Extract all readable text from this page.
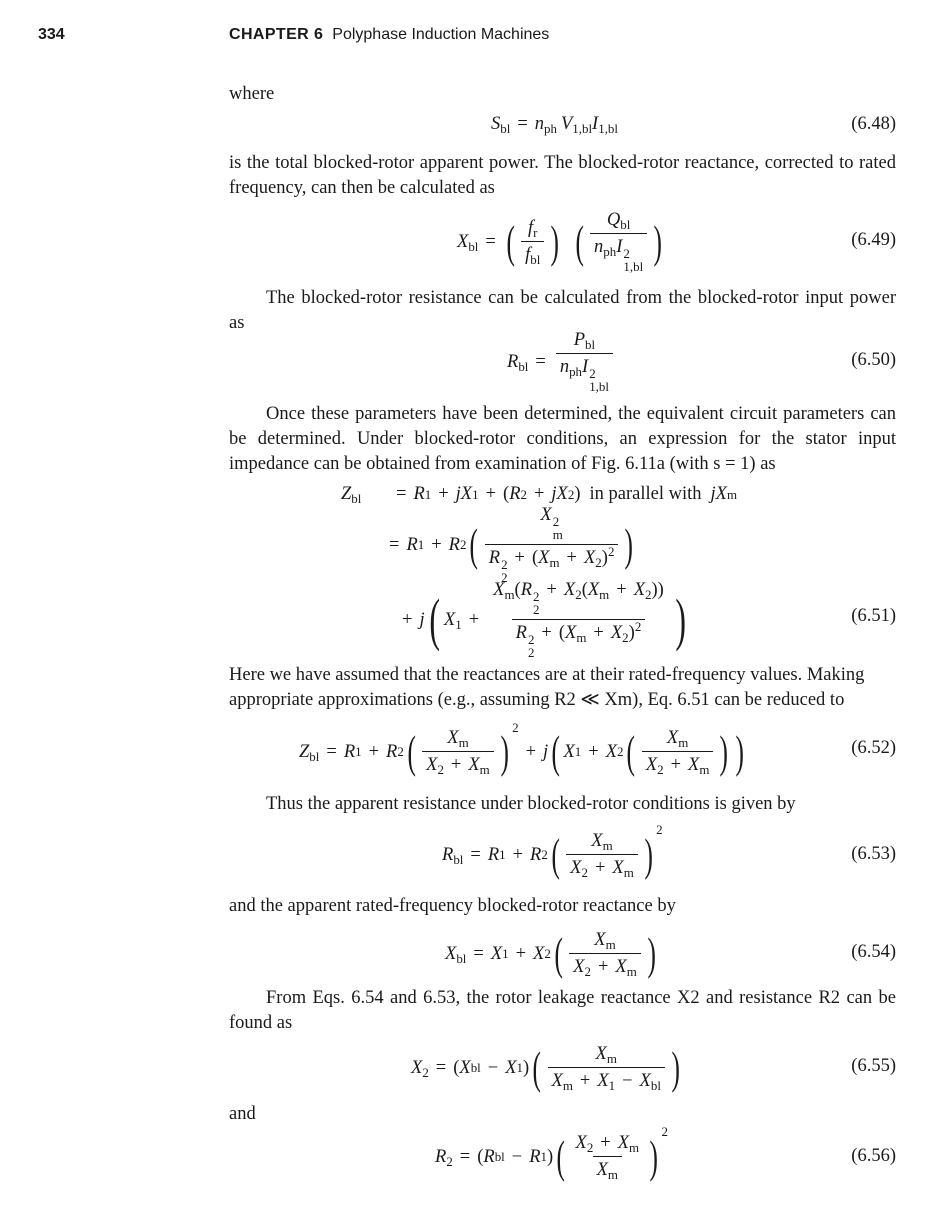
334	CHAPTER 6 Polyphase Induction Machines
where
$S_{bl} = n_{ph}$ $V_{1,bl}I_{1,bl}$	(6.48)
is the total blocked-rotor apparent power. The blocked-rotor reactance, corrected to rated frequency, can then be calculated as
$X_{bl}$ = ( $\frac{f_r}{f_{bl}}$ ) ( $Q_{bl}$
$n_{ph}I$ 2
1,bl )	(6.49)
The blocked-rotor resistance can be calculated from the blocked-rotor input power as
$R_{bl} = P_{bl}$
$n_{ph}I$ 2
1,bl	(6.50)
Once these parameters have been determined, the equivalent circuit parameters can be determined. Under blocked-rotor conditions, an expression for the stator input impedance can be obtained from examination of Fig. 6.11a (with s = 1) as
$Z_{bl}$	= R 1 + j X 1 + ( R 2 + j X 2 ) in parallel with j X m
= R 1 + R 2 ( X 2
m
R 2
2
+ $(X_m + X_2)^2$ )
+ j ( $X_1 + X_m(R$ 2
2
+ $X_2(X_m + X_2)$)
R 2
2
+ $(X_m + X_2)^2$ )	(6.51)
Here we have assumed that the reactances are at their rated-frequency values. Making
appropriate approximations (e.g., assuming R2 ≪ Xm), Eq. 6.51 can be reduced to
$Z_{bl} = R$ 1 + R 2 ( $\frac{X_m}{X_2 + X_m}$ ) 2
+ j ( X 1 + X 2 ( $\frac{X_m}{X_2 + X_m}$ ) )	(6.52)
Thus the apparent resistance under blocked-rotor conditions is given by
$R_{bl} = R$ 1 + R 2 ( $\frac{X_m}{X_2 + X_m}$ ) 2
(6.53)
and the apparent rated-frequency blocked-rotor reactance by
$X_{bl} = X$ 1 + X 2 ( $\frac{X_m}{X_2 + X_m}$ )	(6.54)
From Eqs. 6.54 and 6.53, the rotor leakage reactance X2 and resistance R2 can be found as
$X_2$ = ( X bl − X 1 ) ( $\frac{X_m}{X_m + X_1 - X_{bl}}$ )	(6.55)
and
$R_2$ = ( R bl − R 1 ) ( $\frac{X_2 + X_m}{X_m}$ ) 2
(6.56)
